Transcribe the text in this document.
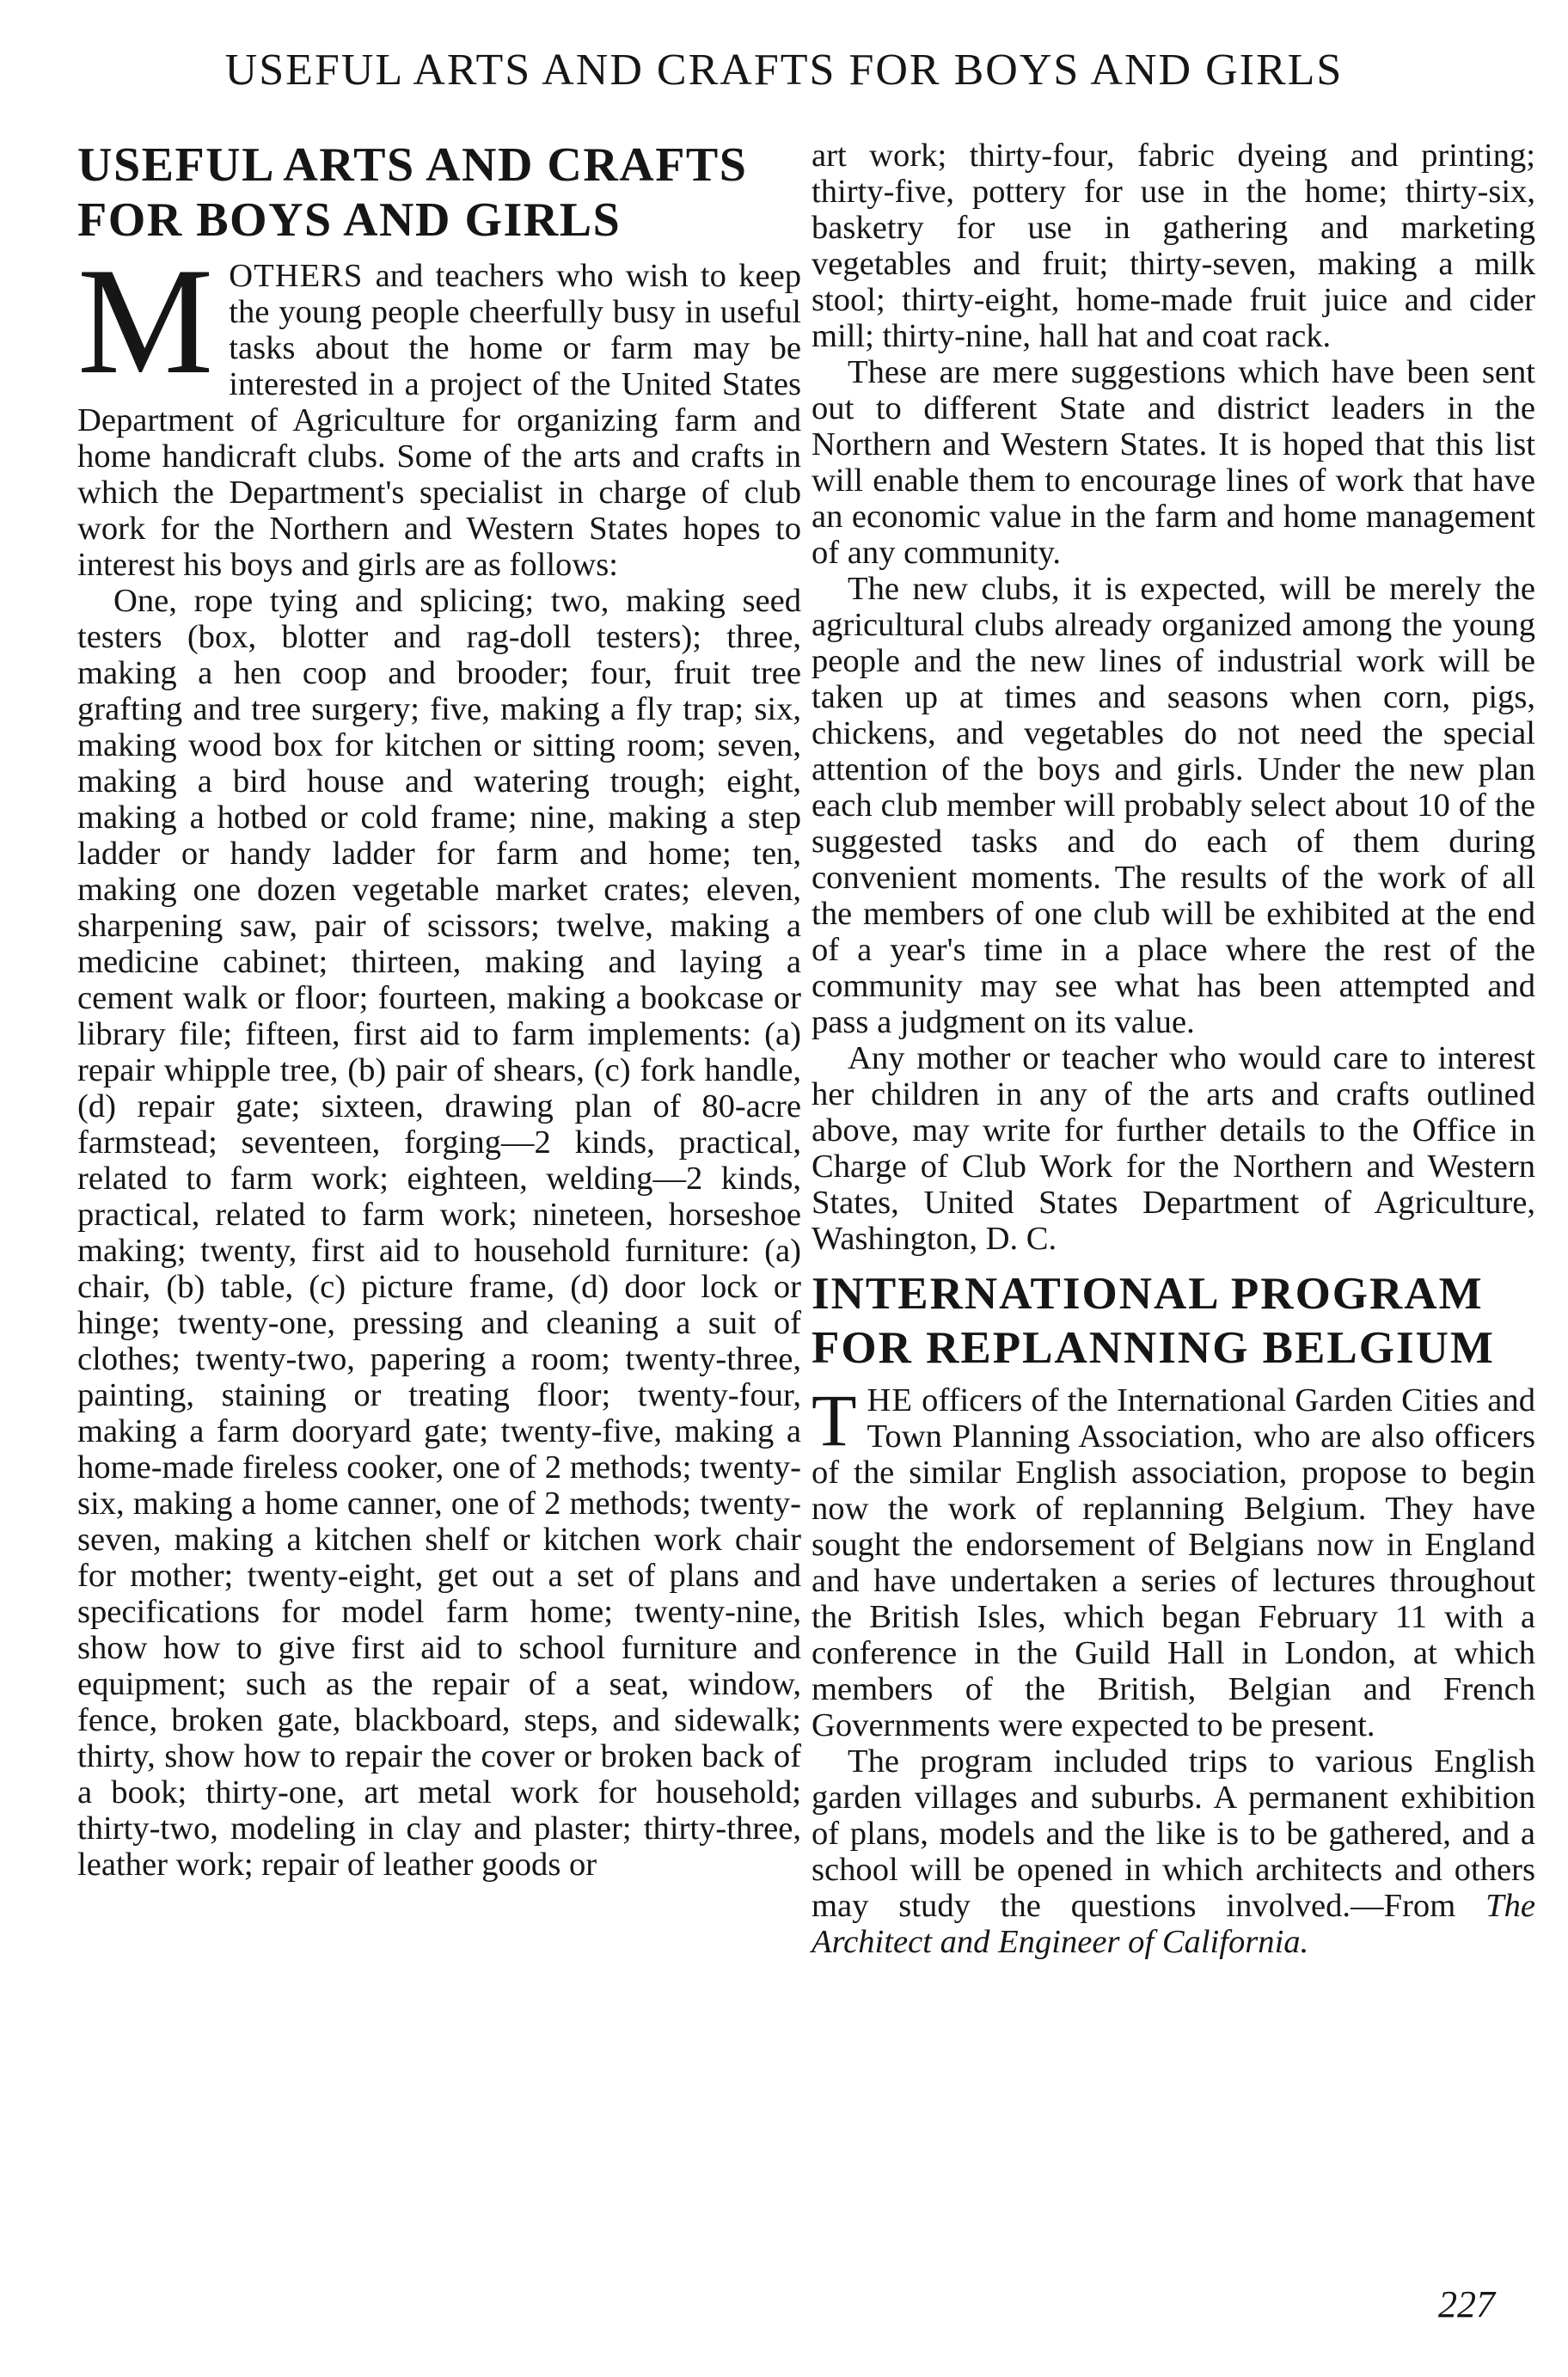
USEFUL ARTS AND CRAFTS FOR BOYS AND GIRLS
USEFUL ARTS AND CRAFTS
FOR BOYS AND GIRLS

MOTHERS and teachers who wish to keep the young people cheerfully busy in useful tasks about the home or farm may be interested in a project of the United States Department of Agriculture for organizing farm and home handicraft clubs. Some of the arts and crafts in which the Department's specialist in charge of club work for the Northern and Western States hopes to interest his boys and girls are as follows:

One, rope tying and splicing; two, making seed testers (box, blotter and rag-doll testers); three, making a hen coop and brooder; four, fruit tree grafting and tree surgery; five, making a fly trap; six, making wood box for kitchen or sitting room; seven, making a bird house and watering trough; eight, making a hotbed or cold frame; nine, making a step ladder or handy ladder for farm and home; ten, making one dozen vegetable market crates; eleven, sharpening saw, pair of scissors; twelve, making a medicine cabinet; thirteen, making and laying a cement walk or floor; fourteen, making a bookcase or library file; fifteen, first aid to farm implements: (a) repair whipple tree, (b) pair of shears, (c) fork handle, (d) repair gate; sixteen, drawing plan of 80-acre farmstead; seventeen, forging—2 kinds, practical, related to farm work; eighteen, welding—2 kinds, practical, related to farm work; nineteen, horseshoe making; twenty, first aid to household furniture: (a) chair, (b) table, (c) picture frame, (d) door lock or hinge; twenty-one, pressing and cleaning a suit of clothes; twenty-two, papering a room; twenty-three, painting, staining or treating floor; twenty-four, making a farm dooryard gate; twenty-five, making a home-made fireless cooker, one of 2 methods; twenty-six, making a home canner, one of 2 methods; twenty-seven, making a kitchen shelf or kitchen work chair for mother; twenty-eight, get out a set of plans and specifications for model farm home; twenty-nine, show how to give first aid to school furniture and equipment; such as the repair of a seat, window, fence, broken gate, blackboard, steps, and sidewalk; thirty, show how to repair the cover or broken back of a book; thirty-one, art metal work for household; thirty-two, modeling in clay and plaster; thirty-three, leather work; repair of leather goods or

art work; thirty-four, fabric dyeing and printing; thirty-five, pottery for use in the home; thirty-six, basketry for use in gathering and marketing vegetables and fruit; thirty-seven, making a milk stool; thirty-eight, home-made fruit juice and cider mill; thirty-nine, hall hat and coat rack.

These are mere suggestions which have been sent out to different State and district leaders in the Northern and Western States. It is hoped that this list will enable them to encourage lines of work that have an economic value in the farm and home management of any community.

The new clubs, it is expected, will be merely the agricultural clubs already organized among the young people and the new lines of industrial work will be taken up at times and seasons when corn, pigs, chickens, and vegetables do not need the special attention of the boys and girls. Under the new plan each club member will probably select about 10 of the suggested tasks and do each of them during convenient moments. The results of the work of all the members of one club will be exhibited at the end of a year's time in a place where the rest of the community may see what has been attempted and pass a judgment on its value.

Any mother or teacher who would care to interest her children in any of the arts and crafts outlined above, may write for further details to the Office in Charge of Club Work for the Northern and Western States, United States Department of Agriculture, Washington, D. C.

INTERNATIONAL PROGRAM
FOR REPLANNING BELGIUM

THE officers of the International Garden Cities and Town Planning Association, who are also officers of the similar English association, propose to begin now the work of replanning Belgium. They have sought the endorsement of Belgians now in England and have undertaken a series of lectures throughout the British Isles, which began February 11 with a conference in the Guild Hall in London, at which members of the British, Belgian and French Governments were expected to be present.

The program included trips to various English garden villages and suburbs. A permanent exhibition of plans, models and the like is to be gathered, and a school will be opened in which architects and others may study the questions involved.—From The Architect and Engineer of California.

227
